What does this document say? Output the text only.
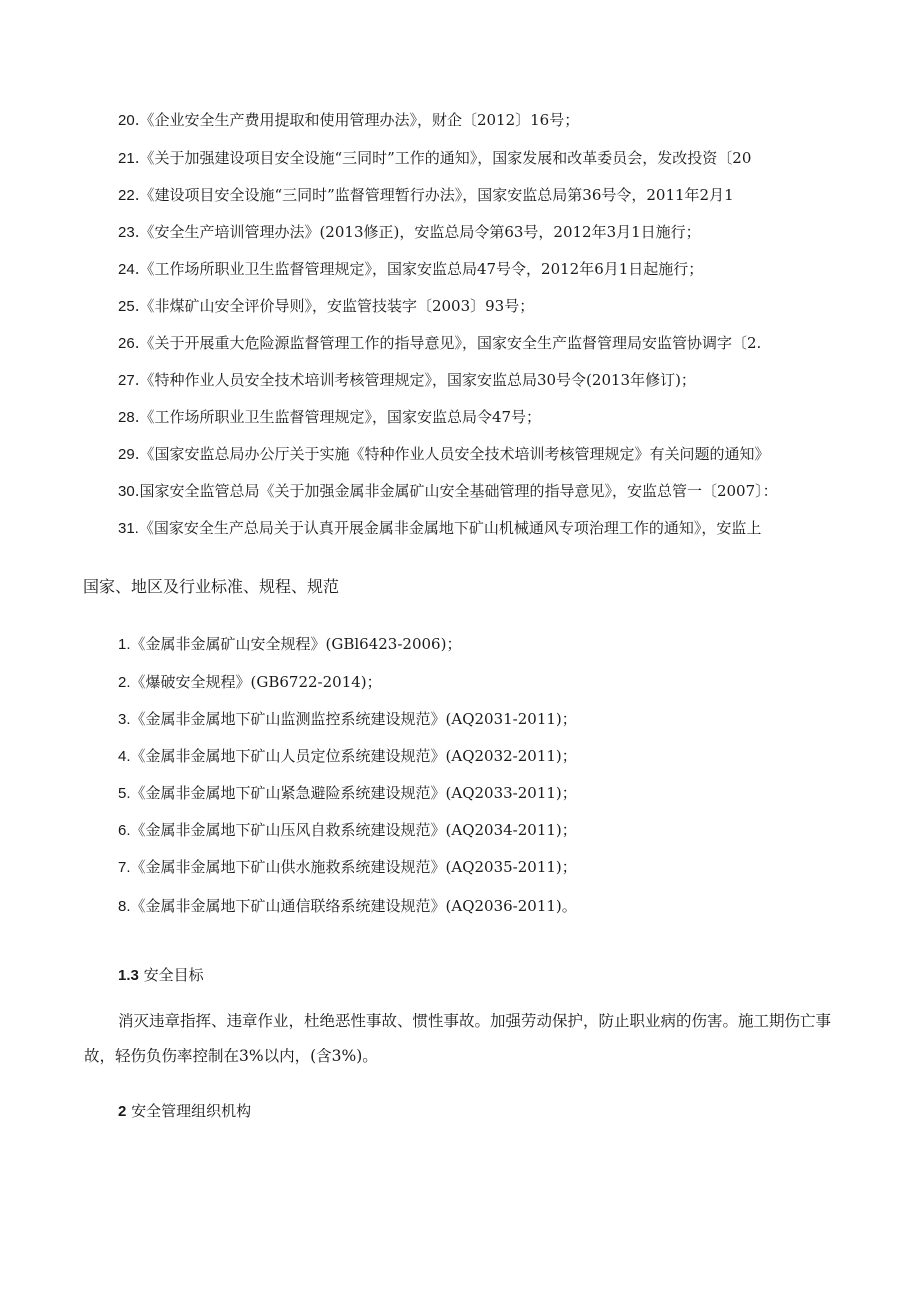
20.《企业安全生产费用提取和使用管理办法》，财企〔2012〕16号；
21.《关于加强建设项目安全设施“三同时”工作的通知》，国家发展和改革委员会，发改投资〔20
22.《建设项目安全设施“三同时”监督管理暂行办法》，国家安监总局第36号令，2011年2月1
23.《安全生产培训管理办法》(2013修正)，安监总局令第63号，2012年3月1日施行；
24.《工作场所职业卫生监督管理规定》，国家安监总局47号令，2012年6月1日起施行；
25.《非煤矿山安全评价导则》，安监管技装字〔2003〕93号；
26.《关于开展重大危险源监督管理工作的指导意见》，国家安全生产监督管理局安监管协调字〔2.
27.《特种作业人员安全技术培训考核管理规定》，国家安监总局30号令(2013年修订)；
28.《工作场所职业卫生监督管理规定》，国家安监总局令47号；
29.《国家安监总局办公厅关于实施《特种作业人员安全技术培训考核管理规定》有关问题的通知》
30.国家安全监管总局《关于加强金属非金属矿山安全基础管理的指导意见》，安监总管一〔2007〕：
31.《国家安全生产总局关于认真开展金属非金属地下矿山机械通风专项治理工作的通知》，安监上
国家、地区及行业标准、规程、规范
1.《金属非金属矿山安全规程》(GBl6423-2006)；
2.《爆破安全规程》(GB6722-2014)；
3.《金属非金属地下矿山监测监控系统建设规范》(AQ2031-2011)；
4.《金属非金属地下矿山人员定位系统建设规范》(AQ2032-2011)；
5.《金属非金属地下矿山紧急避险系统建设规范》(AQ2033-2011)；
6.《金属非金属地下矿山压风自救系统建设规范》(AQ2034-2011)；
7.《金属非金属地下矿山供水施救系统建设规范》(AQ2035-2011)；
8.《金属非金属地下矿山通信联络系统建设规范》(AQ2036-2011)。
1.3 安全目标
消灭违章指挥、违章作业，杜绝恶性事故、惯性事故。加强劳动保护，防止职业病的伤害。施工期伤亡事
故，轻伤负伤率控制在3%以内，(含3%)。
2 安全管理组织机构
